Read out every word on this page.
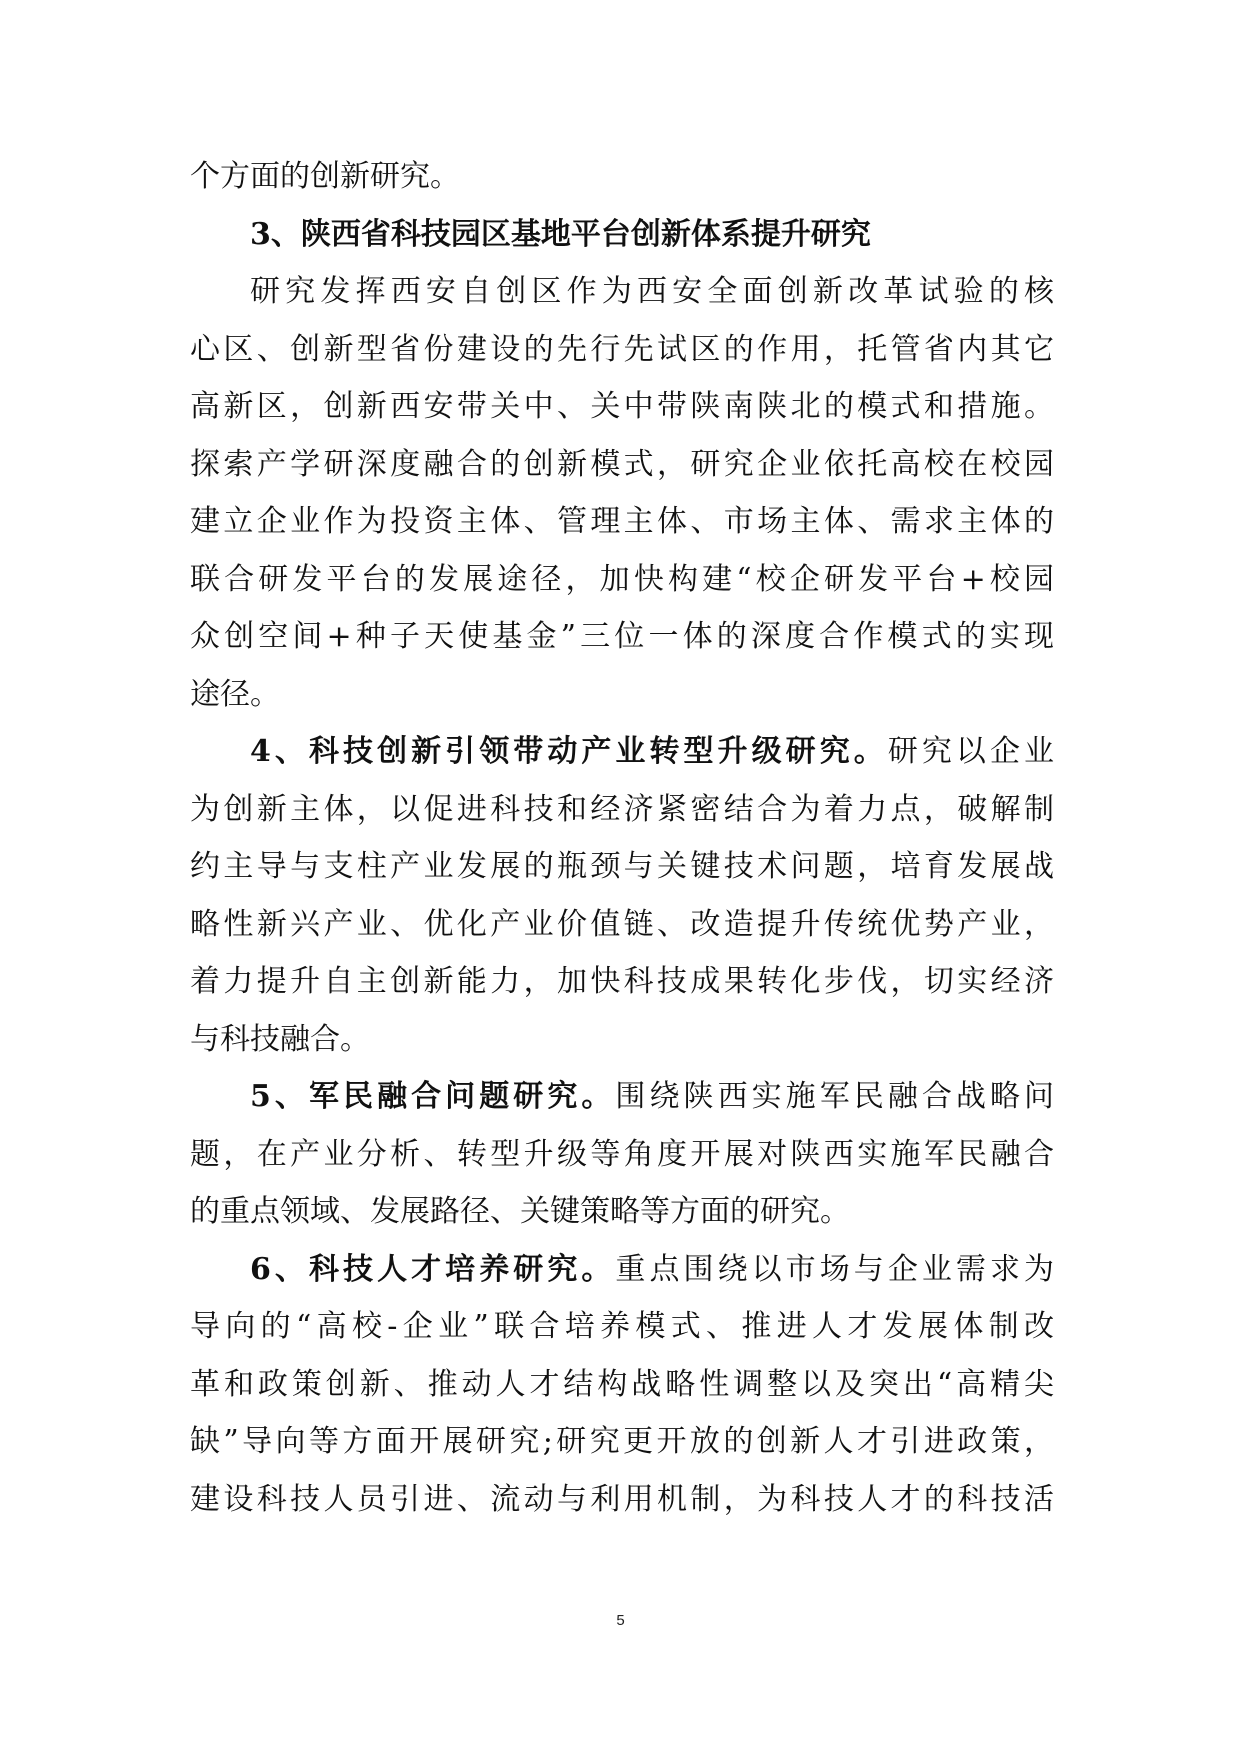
个方面的创新研究。
3、陕西省科技园区基地平台创新体系提升研究
研究发挥西安自创区作为西安全面创新改革试验的核
心区、创新型省份建设的先行先试区的作用，托管省内其它
高新区，创新西安带关中、关中带陕南陕北的模式和措施。
探索产学研深度融合的创新模式，研究企业依托高校在校园
建立企业作为投资主体、管理主体、市场主体、需求主体的
联合研发平台的发展途径，加快构建“校企研发平台+校园
众创空间+种子天使基金”三位一体的深度合作模式的实现
途径。
4、科技创新引领带动产业转型升级研究。研究以企业
为创新主体，以促进科技和经济紧密结合为着力点，破解制
约主导与支柱产业发展的瓶颈与关键技术问题，培育发展战
略性新兴产业、优化产业价值链、改造提升传统优势产业，
着力提升自主创新能力，加快科技成果转化步伐，切实经济
与科技融合。
5、军民融合问题研究。围绕陕西实施军民融合战略问
题，在产业分析、转型升级等角度开展对陕西实施军民融合
的重点领域、发展路径、关键策略等方面的研究。
6、科技人才培养研究。重点围绕以市场与企业需求为
导向的“高校-企业”联合培养模式、推进人才发展体制改
革和政策创新、推动人才结构战略性调整以及突出“高精尖
缺”导向等方面开展研究;研究更开放的创新人才引进政策，
建设科技人员引进、流动与利用机制，为科技人才的科技活
5
